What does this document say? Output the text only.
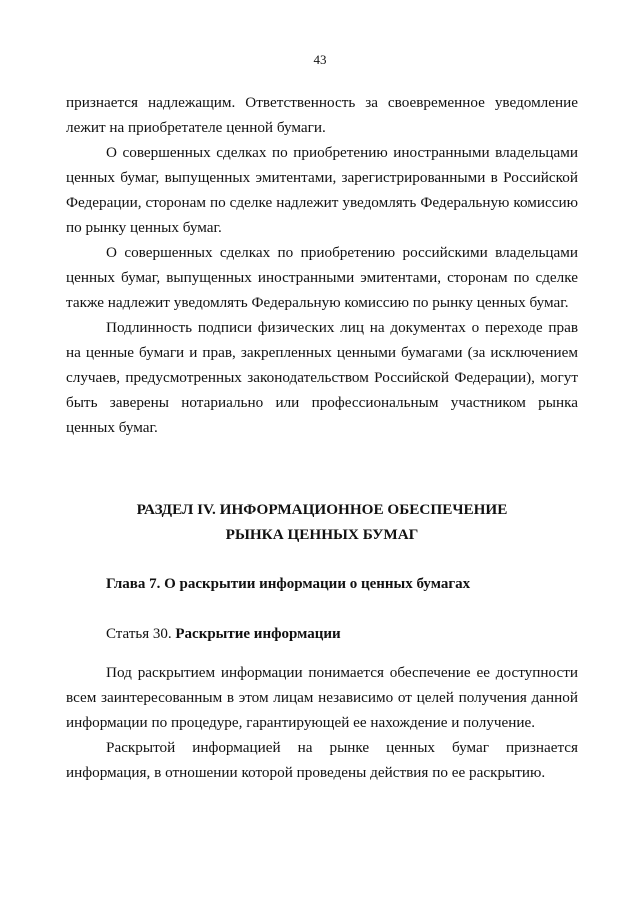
43

признается надлежащим. Ответственность за своевременное уведомление лежит на приобретателе ценной бумаги.

О совершенных сделках по приобретению иностранными владельцами ценных бумаг, выпущенных эмитентами, зарегистрированными в Российской Федерации, сторонам по сделке надлежит уведомлять Федеральную комиссию по рынку ценных бумаг.

О совершенных сделках по приобретению российскими владельцами ценных бумаг, выпущенных иностранными эмитентами, сторонам по сделке также надлежит уведомлять Федеральную комиссию по рынку ценных бумаг.

Подлинность подписи физических лиц на документах о переходе прав на ценные бумаги и прав, закрепленных ценными бумагами (за исключением случаев, предусмотренных законодательством Российской Федерации), могут быть заверены нотариально или профессиональным участником рынка ценных бумаг.

РАЗДЕЛ IV. ИНФОРМАЦИОННОЕ ОБЕСПЕЧЕНИЕ
РЫНКА ЦЕННЫХ БУМАГ
Глава 7. О раскрытии информации о ценных бумагах
Статья 30. Раскрытие информации

Под раскрытием информации понимается обеспечение ее доступности всем заинтересованным в этом лицам независимо от целей получения данной информации по процедуре, гарантирующей ее нахождение и получение.

Раскрытой информацией на рынке ценных бумаг признается информация, в отношении которой проведены действия по ее раскрытию.
